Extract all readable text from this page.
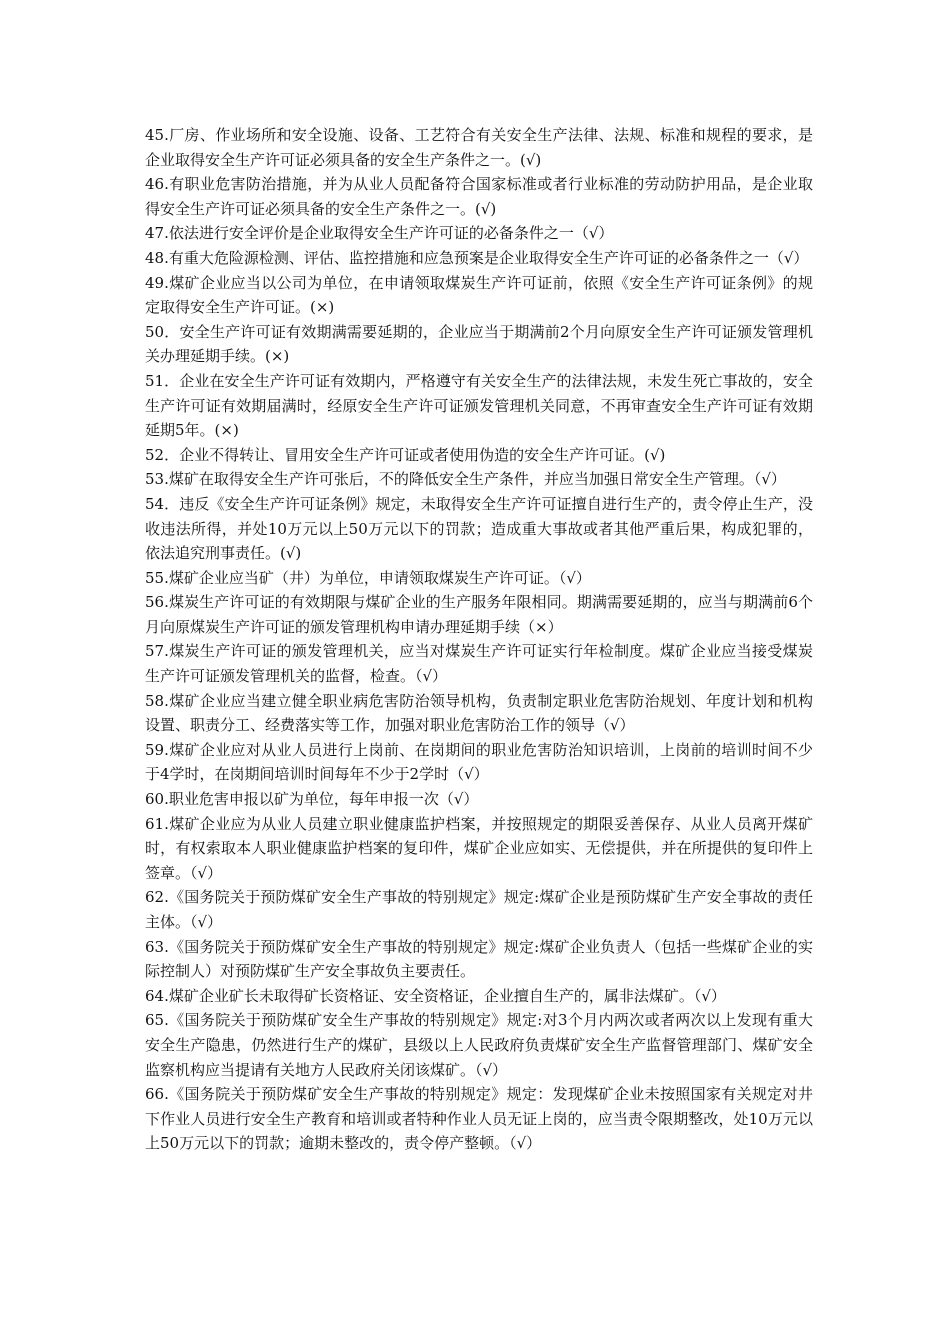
45.厂房、作业场所和安全设施、设备、工艺符合有关安全生产法律、法规、标准和规程的要求，是企业取得安全生产许可证必须具备的安全生产条件之一。(√)

46.有职业危害防治措施，并为从业人员配备符合国家标准或者行业标准的劳动防护用品，是企业取得安全生产许可证必须具备的安全生产条件之一。(√)

47.依法进行安全评价是企业取得安全生产许可证的必备条件之一（√）

48.有重大危险源检测、评估、监控措施和应急预案是企业取得安全生产许可证的必备条件之一（√）

49.煤矿企业应当以公司为单位，在申请领取煤炭生产许可证前，依照《安全生产许可证条例》的规定取得安全生产许可证。(×)

50．安全生产许可证有效期满需要延期的，企业应当于期满前2个月向原安全生产许可证颁发管理机关办理延期手续。(×)

51．企业在安全生产许可证有效期内，严格遵守有关安全生产的法律法规，未发生死亡事故的，安全生产许可证有效期届满时，经原安全生产许可证颁发管理机关同意，不再审查安全生产许可证有效期延期5年。(×)

52．企业不得转让、冒用安全生产许可证或者使用伪造的安全生产许可证。(√)

53.煤矿在取得安全生产许可张后，不的降低安全生产条件，并应当加强日常安全生产管理。（√）

54．违反《安全生产许可证条例》规定，未取得安全生产许可证擅自进行生产的，责令停止生产，没收违法所得，并处10万元以上50万元以下的罚款；造成重大事故或者其他严重后果，构成犯罪的，依法追究刑事责任。(√)

55.煤矿企业应当矿（井）为单位，申请领取煤炭生产许可证。（√）

56.煤炭生产许可证的有效期限与煤矿企业的生产服务年限相同。期满需要延期的，应当与期满前6个月向原煤炭生产许可证的颁发管理机构申请办理延期手续（×）

57.煤炭生产许可证的颁发管理机关，应当对煤炭生产许可证实行年检制度。煤矿企业应当接受煤炭生产许可证颁发管理机关的监督，检查。（√）

58.煤矿企业应当建立健全职业病危害防治领导机构，负责制定职业危害防治规划、年度计划和机构设置、职责分工、经费落实等工作，加强对职业危害防治工作的领导（√）

59.煤矿企业应对从业人员进行上岗前、在岗期间的职业危害防治知识培训，上岗前的培训时间不少于4学时，在岗期间培训时间每年不少于2学时（√）

60.职业危害申报以矿为单位，每年申报一次（√）

61.煤矿企业应为从业人员建立职业健康监护档案，并按照规定的期限妥善保存、从业人员离开煤矿时，有权索取本人职业健康监护档案的复印件，煤矿企业应如实、无偿提供，并在所提供的复印件上签章。（√）

62.《国务院关于预防煤矿安全生产事故的特别规定》规定:煤矿企业是预防煤矿生产安全事故的责任主体。（√）

63.《国务院关于预防煤矿安全生产事故的特别规定》规定:煤矿企业负责人（包括一些煤矿企业的实际控制人）对预防煤矿生产安全事故负主要责任。

64.煤矿企业矿长未取得矿长资格证、安全资格证，企业擅自生产的，属非法煤矿。（√）

65.《国务院关于预防煤矿安全生产事故的特别规定》规定:对3个月内两次或者两次以上发现有重大安全生产隐患，仍然进行生产的煤矿，县级以上人民政府负责煤矿安全生产监督管理部门、煤矿安全监察机构应当提请有关地方人民政府关闭该煤矿。（√）

66.《国务院关于预防煤矿安全生产事故的特别规定》规定：发现煤矿企业未按照国家有关规定对井下作业人员进行安全生产教育和培训或者特种作业人员无证上岗的，应当责令限期整改，处10万元以上50万元以下的罚款；逾期未整改的，责令停产整顿。（√）
